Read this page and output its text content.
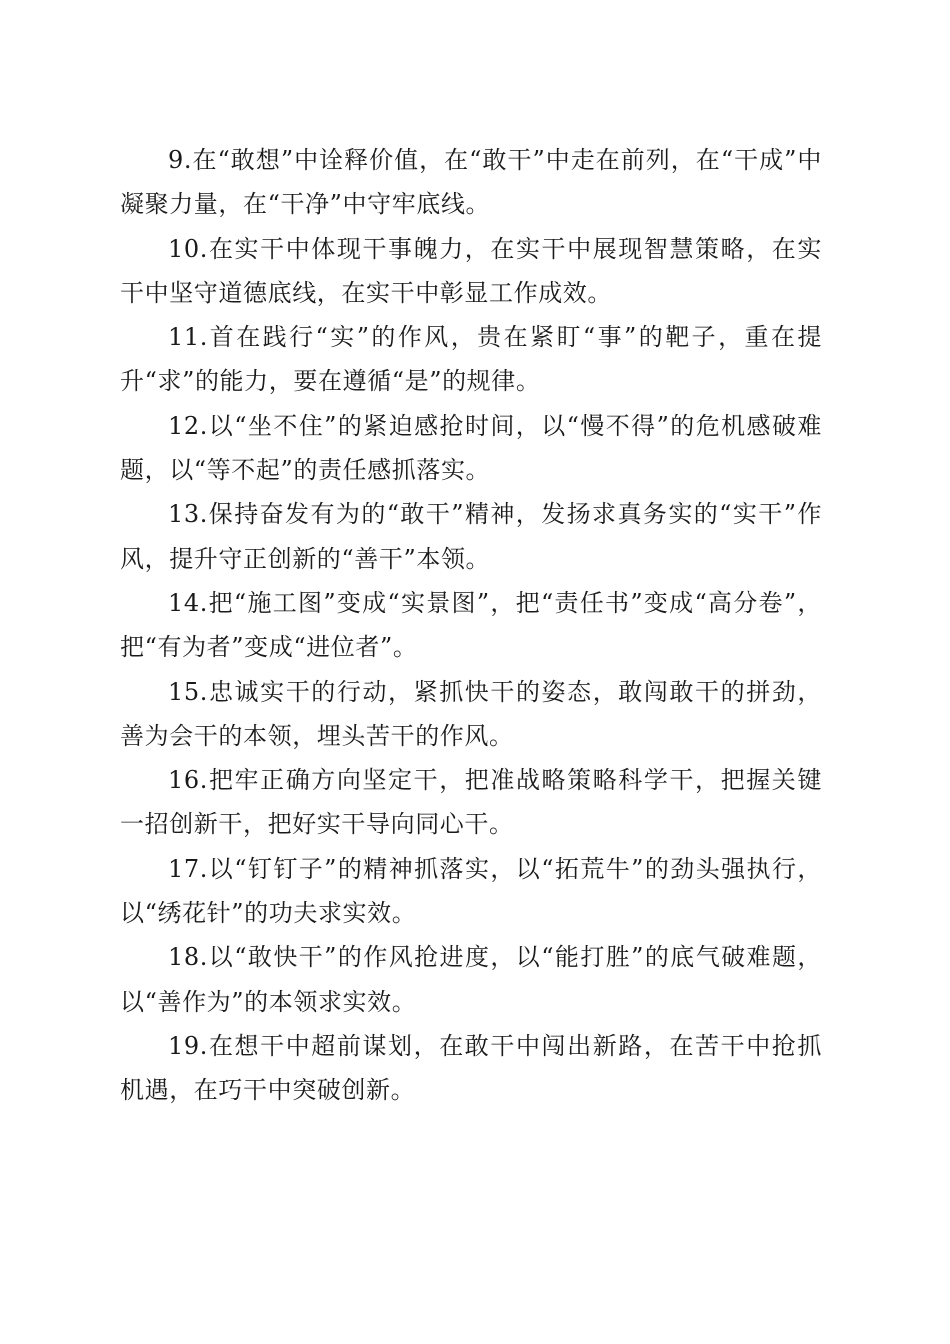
9.在“敢想”中诠释价值，在“敢干”中走在前列，在“干成”中凝聚力量，在“干净”中守牢底线。

10.在实干中体现干事魄力，在实干中展现智慧策略，在实干中坚守道德底线，在实干中彰显工作成效。

11.首在践行“实”的作风，贵在紧盯“事”的靶子，重在提升“求”的能力，要在遵循“是”的规律。

12.以“坐不住”的紧迫感抢时间，以“慢不得”的危机感破难题，以“等不起”的责任感抓落实。

13.保持奋发有为的“敢干”精神，发扬求真务实的“实干”作风，提升守正创新的“善干”本领。

14.把“施工图”变成“实景图”，把“责任书”变成“高分卷”，把“有为者”变成“进位者”。

15.忠诚实干的行动，紧抓快干的姿态，敢闯敢干的拼劲，善为会干的本领，埋头苦干的作风。

16.把牢正确方向坚定干，把准战略策略科学干，把握关键一招创新干，把好实干导向同心干。

17.以“钉钉子”的精神抓落实，以“拓荒牛”的劲头强执行，以“绣花针”的功夫求实效。

18.以“敢快干”的作风抢进度，以“能打胜”的底气破难题，以“善作为”的本领求实效。

19.在想干中超前谋划，在敢干中闯出新路，在苦干中抢抓机遇，在巧干中突破创新。
